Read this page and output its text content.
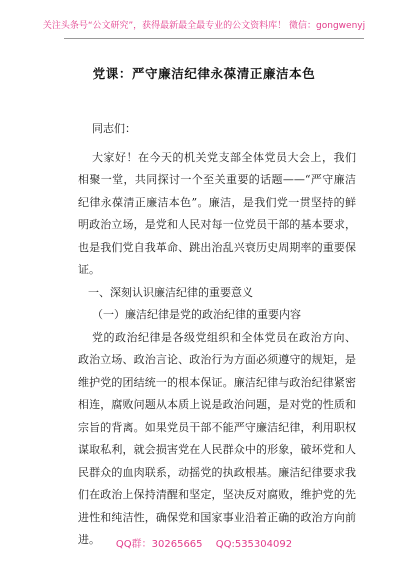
关注头条号“公文研究”，获得最新最全最专业的公文资料库！ 微信：gongwenyj
党课：严守廉洁纪律永葆清正廉洁本色
同志们：
大家好！在今天的机关党支部全体党员大会上，我们
相聚一堂，共同探讨一个至关重要的话题——“严守廉洁
纪律永葆清正廉洁本色”。廉洁，是我们党一贯坚持的鲜
明政治立场，是党和人民对每一位党员干部的基本要求，
也是我们党自我革命、跳出治乱兴衰历史周期率的重要保
证。
一、深刻认识廉洁纪律的重要意义
（一）廉洁纪律是党的政治纪律的重要内容
党的政治纪律是各级党组织和全体党员在政治方向、
政治立场、政治言论、政治行为方面必须遵守的规矩，是
维护党的团结统一的根本保证。廉洁纪律与政治纪律紧密
相连，腐败问题从本质上说是政治问题，是对党的性质和
宗旨的背离。如果党员干部不能严守廉洁纪律，利用职权
谋取私利，就会损害党在人民群众中的形象，破坏党和人
民群众的血肉联系，动摇党的执政根基。廉洁纪律要求我
们在政治上保持清醒和坚定，坚决反对腐败，维护党的先
进性和纯洁性，确保党和国家事业沿着正确的政治方向前
进。	QQ群：30265665 QQ:535304092
